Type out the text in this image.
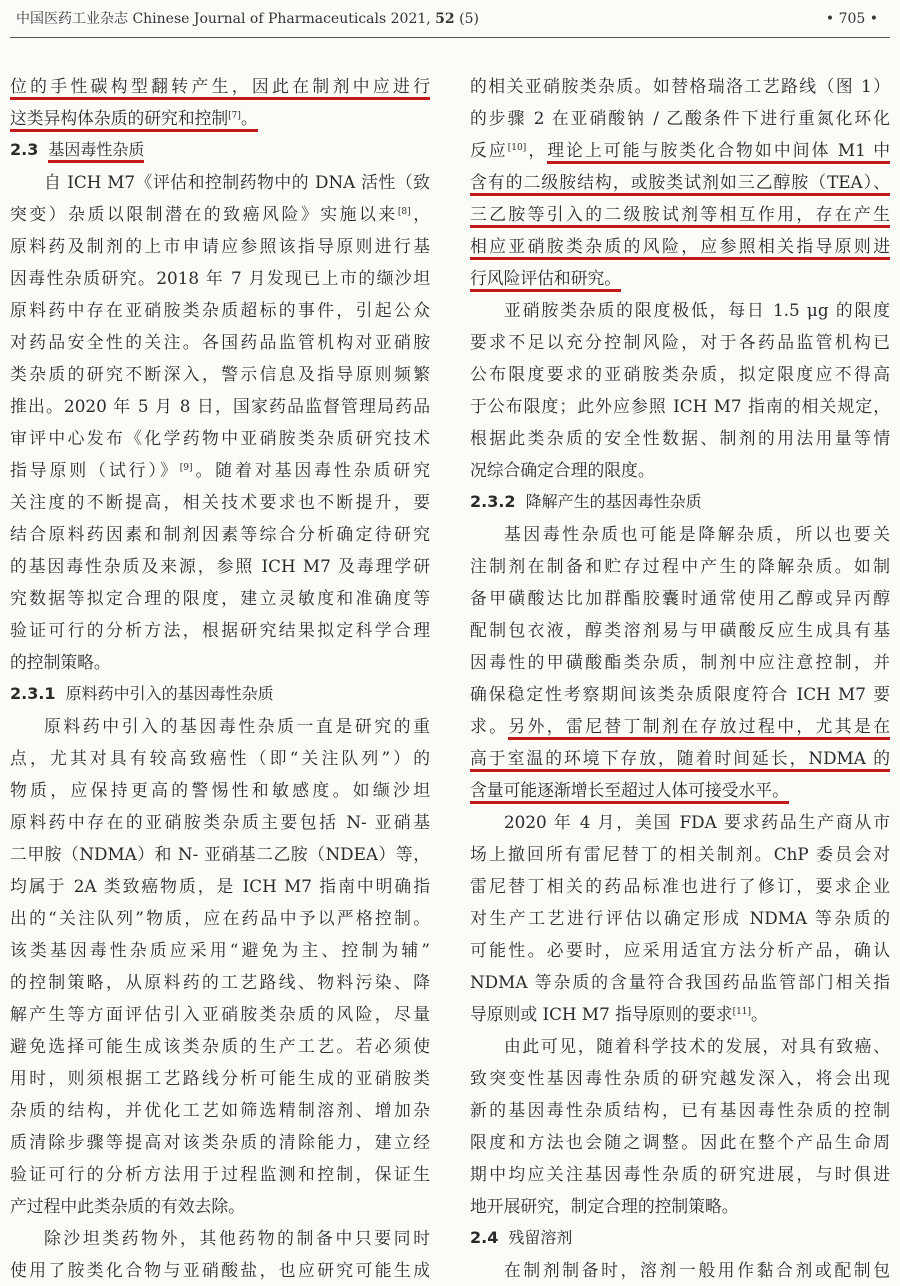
中国医药工业杂志 Chinese Journal of Pharmaceuticals 2021, 52 (5)	• 705 •
位的手性碳构型翻转产生，因此在制剂中应进行
这类异构体杂质的研究和控制[7]。
2.3 基因毒性杂质
自 ICH M7《评估和控制药物中的 DNA 活性（致
突变）杂质以限制潜在的致癌风险》实施以来[8]，
原料药及制剂的上市申请应参照该指导原则进行基
因毒性杂质研究。2018 年 7 月发现已上市的缬沙坦
原料药中存在亚硝胺类杂质超标的事件，引起公众
对药品安全性的关注。各国药品监管机构对亚硝胺
类杂质的研究不断深入，警示信息及指导原则频繁
推出。2020 年 5 月 8 日，国家药品监督管理局药品
审评中心发布《化学药物中亚硝胺类杂质研究技术
指导原则（试行）》[9]。随着对基因毒性杂质研究
关注度的不断提高，相关技术要求也不断提升，要
结合原料药因素和制剂因素等综合分析确定待研究
的基因毒性杂质及来源，参照 ICH M7 及毒理学研
究数据等拟定合理的限度，建立灵敏度和准确度等
验证可行的分析方法，根据研究结果拟定科学合理
的控制策略。
2.3.1 原料药中引入的基因毒性杂质
原料药中引入的基因毒性杂质一直是研究的重
点，尤其对具有较高致癌性（即“关注队列”）的
物质，应保持更高的警惕性和敏感度。如缬沙坦
原料药中存在的亚硝胺类杂质主要包括 N- 亚硝基
二甲胺（NDMA）和 N- 亚硝基二乙胺（NDEA）等，
均属于 2A 类致癌物质，是 ICH M7 指南中明确指
出的“关注队列”物质，应在药品中予以严格控制。
该类基因毒性杂质应采用“避免为主、控制为辅”
的控制策略，从原料药的工艺路线、物料污染、降
解产生等方面评估引入亚硝胺类杂质的风险，尽量
避免选择可能生成该类杂质的生产工艺。若必须使
用时，则须根据工艺路线分析可能生成的亚硝胺类
杂质的结构，并优化工艺如筛选精制溶剂、增加杂
质清除步骤等提高对该类杂质的清除能力，建立经
验证可行的分析方法用于过程监测和控制，保证生
产过程中此类杂质的有效去除。
除沙坦类药物外，其他药物的制备中只要同时
使用了胺类化合物与亚硝酸盐，也应研究可能生成
的相关亚硝胺类杂质。如替格瑞洛工艺路线（图 1）
的步骤 2 在亚硝酸钠 / 乙酸条件下进行重氮化环化
反应[10]，理论上可能与胺类化合物如中间体 M1 中
含有的二级胺结构，或胺类试剂如三乙醇胺（TEA）、
三乙胺等引入的二级胺试剂等相互作用，存在产生
相应亚硝胺类杂质的风险，应参照相关指导原则进
行风险评估和研究。
亚硝胺类杂质的限度极低，每日 1.5 μg 的限度
要求不足以充分控制风险，对于各药品监管机构已
公布限度要求的亚硝胺类杂质，拟定限度应不得高
于公布限度；此外应参照 ICH M7 指南的相关规定，
根据此类杂质的安全性数据、制剂的用法用量等情
况综合确定合理的限度。
2.3.2 降解产生的基因毒性杂质
基因毒性杂质也可能是降解杂质，所以也要关
注制剂在制备和贮存过程中产生的降解杂质。如制
备甲磺酸达比加群酯胶囊时通常使用乙醇或异丙醇
配制包衣液，醇类溶剂易与甲磺酸反应生成具有基
因毒性的甲磺酸酯类杂质，制剂中应注意控制，并
确保稳定性考察期间该类杂质限度符合 ICH M7 要
求。另外，雷尼替丁制剂在存放过程中，尤其是在
高于室温的环境下存放，随着时间延长，NDMA 的
含量可能逐渐增长至超过人体可接受水平。
2020 年 4 月，美国 FDA 要求药品生产商从市
场上撤回所有雷尼替丁的相关制剂。ChP 委员会对
雷尼替丁相关的药品标准也进行了修订，要求企业
对生产工艺进行评估以确定形成 NDMA 等杂质的
可能性。必要时，应采用适宜方法分析产品，确认
NDMA 等杂质的含量符合我国药品监管部门相关指
导原则或 ICH M7 指导原则的要求[11]。
由此可见，随着科学技术的发展，对具有致癌、
致突变性基因毒性杂质的研究越发深入，将会出现
新的基因毒性杂质结构，已有基因毒性杂质的控制
限度和方法也会随之调整。因此在整个产品生命周
期中均应关注基因毒性杂质的研究进展，与时俱进
地开展研究，制定合理的控制策略。
2.4 残留溶剂
在制剂制备时，溶剂一般用作黏合剂或配制包
